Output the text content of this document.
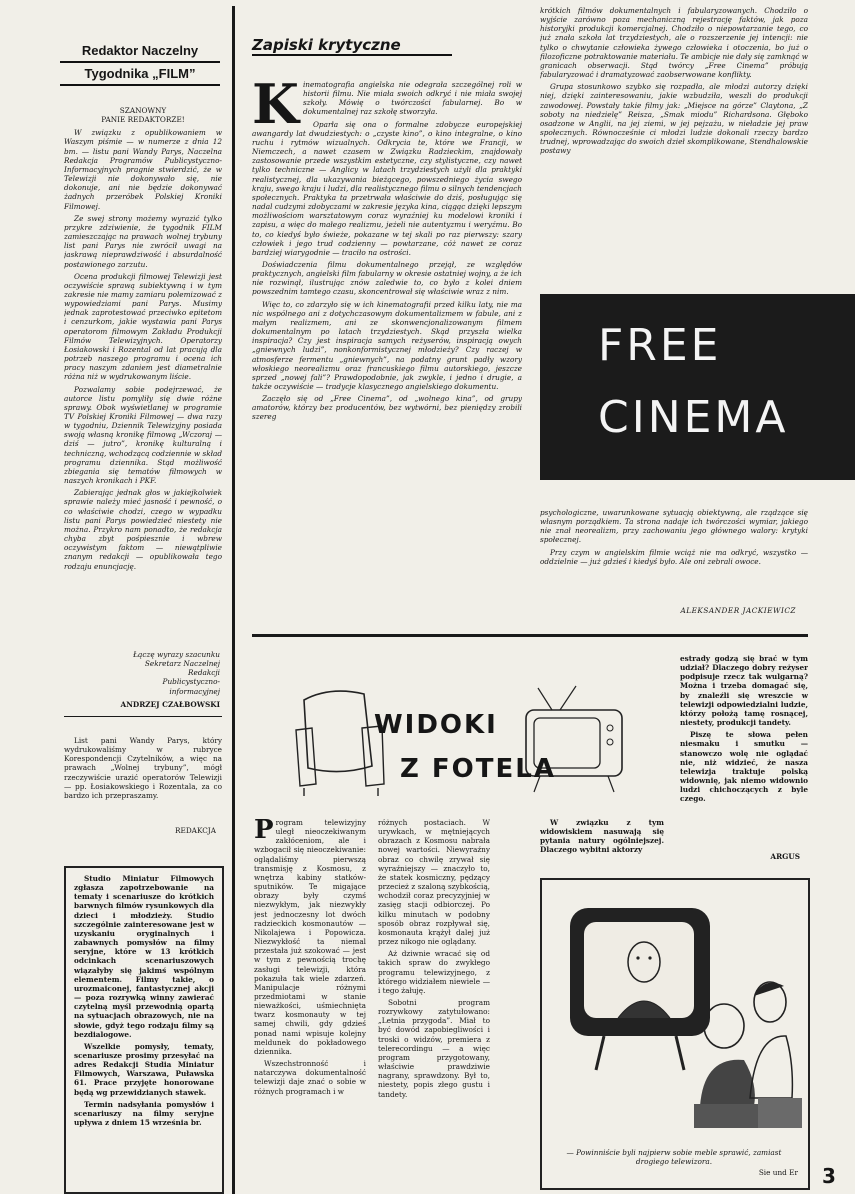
Redaktor Naczelny
Tygodnika „FILM”
SZANOWNY
PANIE REDAKTORZE!

W związku z opublikowaniem w Waszym piśmie — w numerze z dnia 12 bm. — listu pani Wandy Parys, Naczelna Redakcja Programów Publicystyczno-Informacyjnych pragnie stwierdzić, że w Telewizji nie dokonywało się, nie dokonuje, ani nie będzie dokonywać żadnych przeróbek Polskiej Kroniki Filmowej.

Ze swej strony możemy wyrazić tylko przykre zdziwienie, że tygodnik FILM zamieszczając na prawach wolnej trybuny list pani Parys nie zwrócił uwagi na jaskrawą nieprawdziwość i absurdalność postawionego zarzutu.

Ocena produkcji filmowej Telewizji jest oczywiście sprawą subiektywną i w tym zakresie nie mamy zamiaru polemizować z wypowiedziami pani Parys. Musimy jednak zaprotestować przeciwko epitetom i cenzurkom, jakie wystawia pani Parys operatorom filmowym Zakładu Produkcji Filmów Telewizyjnych. Operatorzy Łosiakowski i Rozental od lat pracują dla potrzeb naszego programu i ocena ich pracy naszym zdaniem jest diametralnie różna niż w wydrukowanym liście.

Pozwalamy sobie podejrzewać, że autorce listu pomyliły się dwie różne sprawy. Obok wyświetlanej w programie TV Polskiej Kroniki Filmowej — dwa razy w tygodniu, Dziennik Telewizyjny posiada swoją własną kronikę filmową „Wczoraj — dziś — jutro”, kronikę kulturalną i techniczną, wchodzącą codziennie w skład programu dziennika. Stąd możliwość zbiegania się tematów filmowych w naszych kronikach i PKF.

Zabierając jednak głos w jakiejkolwiek sprawie należy mieć jasność i pewność, o co właściwie chodzi, czego w wypadku listu pani Parys powiedzieć niestety nie można. Przykro nam ponadto, że redakcja chyba zbyt pośpiesznie i wbrew oczywistym faktom — niewątpliwie znanym redakcji — opublikowała tego rodzaju enuncjację.

Łączę wyrazy szacunku
Sekretarz Naczelnej
Redakcji
Publicystyczno-
informacyjnej
ANDRZEJ CZAŁBOWSKI

List pani Wandy Parys, który wydrukowaliśmy w rubryce Korespondencji Czytelników, a więc na prawach „Wolnej trybuny”, mógł rzeczywiście urazić operatorów Telewizji — pp. Łosiakowskiego i Rozentala, za co bardzo ich przepraszamy.

REDAKCJA

Studio Miniatur Filmowych zgłasza zapotrzebowanie na tematy i scenariusze do krótkich barwnych filmów rysunkowych dla dzieci i młodzieży. Studio szczególnie zainteresowane jest w uzyskaniu oryginalnych i zabawnych pomysłów na filmy seryjne, które w 13 krótkich odcinkach scenariuszowych wiązałyby się jakimś wspólnym elementem. Filmy takie, o urozmaiconej, fantastycznej akcji — poza rozrywką winny zawierać czytelną myśl przewodnią opartą na sytuacjach obrazowych, nie na słowie, gdyż tego rodzaju filmy są bezdialogowe.

Wszelkie pomysły, tematy, scenariusze prosimy przesyłać na adres Redakcji Studia Miniatur Filmowych, Warszawa, Puławska 61. Prace przyjęte honorowane będą wg przewidzianych stawek.

Termin nadsyłania pomysłów i scenariuszy na filmy seryjne upływa z dniem 15 września br.

Zapiski krytyczne
K inematografia angielska nie odegrała szczególnej roli w historii filmu. Nie miała swoich odkryć i nie miała swojej szkoły. Mówię o twórczości fabularnej. Bo w dokumentalnej raz szkołę stworzyła.

Oparła się ona o formalne zdobycze europejskiej awangardy lat dwudziestych: o „czyste kino”, o kino integralne, o kino ruchu i rytmów wizualnych. Odkrycia te, które we Francji, w Niemczech, a nawet czasem w Związku Radzieckim, znajdowały zastosowanie przede wszystkim estetyczne, czy stylistyczne, czy nawet tylko techniczne — Anglicy w latach trzydziestych użyli dla praktyki realistycznej, dla ukazywania bieżącego, powszedniego życia swego kraju, swego kraju i ludzi, dla realistycznego filmu o silnych tendencjach społecznych. Praktyka ta przetrwała właściwie do dziś, posługując się nadal cudzymi zdobyczami w zakresie języka kina, ciągąc dzięki lepszym możliwościom warsztatowym coraz wyraźniej ku modelowi kroniki i zapisu, a więc do małego realizmu, jeżeli nie autentyzmu i weryźmu. Bo to, co kiedyś było świeże, pokazane w tej skali po raz pierwszy: szary człowiek i jego trud codzienny — powtarzane, cóż nawet ze coraz bardziej wiarygodnie — traciło na ostrości.

Doświadczenia filmu dokumentalnego przejął, ze względów praktycznych, angielski film fabularny w okresie ostatniej wojny, a że ich nie rozwinął, ilustrując znów zaledwie to, co było z kolei dniem powszednim tamtego czasu, skoncentrował się właściwie wraz z nim.

Więc to, co zdarzyło się w ich kinematografii przed kilku laty, nie ma nic wspólnego ani z dotychczasowym dokumentalizmem w fabule, ani z małym realizmem, ani ze skonwencjonalizowanym filmem dokumentalnym po latach trzydziestych. Skąd przyszła wielka inspiracja? Czy jest inspiracja samych reżyserów, inspiracją owych „gniewnych ludzi”, nonkonformistycznej młodzieży? Czy raczej w atmosferze fermentu „gniewnych”, na podatny grunt padły wzory włoskiego neorealizmu oraz francuskiego filmu autorskiego, jeszcze sprzed „nowej fali”? Prawdopodobnie, jak zwykle, i jedno i drugie, a także oczywiście — tradycje klasycznego angielskiego dokumentu.

Zaczęło się od „Free Cinema”, od „wolnego kina”, od grupy amatorów, którzy bez producentów, bez wytwórni, bez pieniędzy zrobili szereg

krótkich filmów dokumentalnych i fabularyzowanych. Chodziło o wyjście zarówno poza mechaniczną rejestrację faktów, jak poza historyjki produkcji komercjalnej. Chodziło o niepowtarzanie tego, co już znała szkoła lat trzydziestych, ale o rozszerzenie jej intencji: nie tylko o chwytanie człowieka żywego człowieka i otoczenia, bo już o filozoficzne potraktowanie materiału. Te ambicje nie dały się zamknąć w granicach obserwacji. Stąd twórcy „Free Cinema” próbują fabularyzować i dramatyzować zaobserwowane konflikty.

Grupa stosunkowo szybko się rozpadła, ale młodzi autorzy dzięki niej, dzięki zainteresowaniu, jakie wzbudziła, weszli do produkcji zawodowej. Powstały takie filmy jak: „Miejsce na górze” Claytona, „Z soboty na niedzielę” Reisza, „Smak miodu” Richardsona. Głęboko osadzone w Anglii, na jej ziemi, w jej pejzażu, w nieładzie jej praw społecznych. Równocześnie ci młodzi ludzie dokonali rzeczy bardzo trudnej, wprowadzając do swoich dzieł skomplikowane, Stendhalowskie postawy

FREE
CINEMA

psychologiczne, uwarunkowane sytuacją obiektywną, ale rządzące się własnym porządkiem. Ta strona nadaje ich twórczości wymiar, jakiego nie znał neorealizm, przy zachowaniu jego głównego walorу: krytyki społecznej.

Przy czym w angielskim filmie wciąż nie ma odkryć, wszystko — oddzielnie — już gdzieś i kiedyś było. Ale oni zebrali owoce.

ALEKSANDER JACKIEWICZ
WIDOKI
Z FOTELA
P rogram telewizyjny uległ nieoczekiwanym zakłóceniom, ale i wzbogacił się nieoczekiwanie: oglądaliśmy pierwszą transmisję z Kosmosu, z wnętrza kabiny statków-sputników. Te migające obrazy były czymś niezwykłym, jak niezwykły jest jednoczesny lot dwóch radzieckich kosmonautów — Nikolajewa i Popowicza. Niezwykłość ta niemal przestała już szokować — jest w tym z pewnością trochę zasługi telewizji, która pokazuła tak wiele zdarzeń. Manipulacje różnymi przedmiotami w stanie nieważkości, uśmiechnięta twarz kosmonauty w tej samej chwili, gdy gdzieś ponad nami wpisuje kolejny meldunek do pokładowego dziennika.

Wszechstronność i natarczywa dokumentalność telewizji daje znać o sobie w różnych programach i w

różnych postaciach. W urywkach, w mętniejących obrazach z Kosmosu nabrała nowej wartości. Niewyraźny obraz co chwilę zrywał się wyraźniejszy — znaczyło to, że statek kosmiczny, pędzący przecież z szaloną szybkością, wchodził coraz precyzyjniej w zasięg stacji odbiorczej. Po kilku minutach w podobny sposób obraz rozpływał się, kosmonauta krążył dalej już przez nikogo nie oglądany.

Aż dziwnie wracać się od takich spraw do zwykłego programu telewizyjnego, z którego widziałem niewiele — i tego żałuję.

Sobotni program rozrywkowy zatytułowano: „Letnia przygoda”. Miał to być dowód zapobiegliwości i troski o widzów, premiera z telerecordingu — a więc program przygotowany, właściwie prawdziwie nagrany, sprawdzony. Był to, niestety, popis złego gustu i tandety.

W związku z tym widowiskiem nasuwają się pytania natury ogólniejszej. Dlaczego wybitni aktorzy

estrady godzą się brać w tym udział? Dlaczego dobry reżyser podpisuje rzecz tak wulgarną? Można i trzeba domagać się, by znaleźli się wreszcie w telewizji odpowiedzialni ludzie, którzy położą tamę rosnącej, niestety, produkcji tandety.

Piszę te słowa pełen niesmaku i smutku — stanowczo wolę nie oglądać nie, niż widzieć, że nasza telewizja traktuje polską widownię, jak niemo widownio ludzi chichoczących z byle czego.

ARGUS
— Powinniście byli najpierw sobie meble sprawić, zamiast drogiego telewizora.
Sie und Er 3
